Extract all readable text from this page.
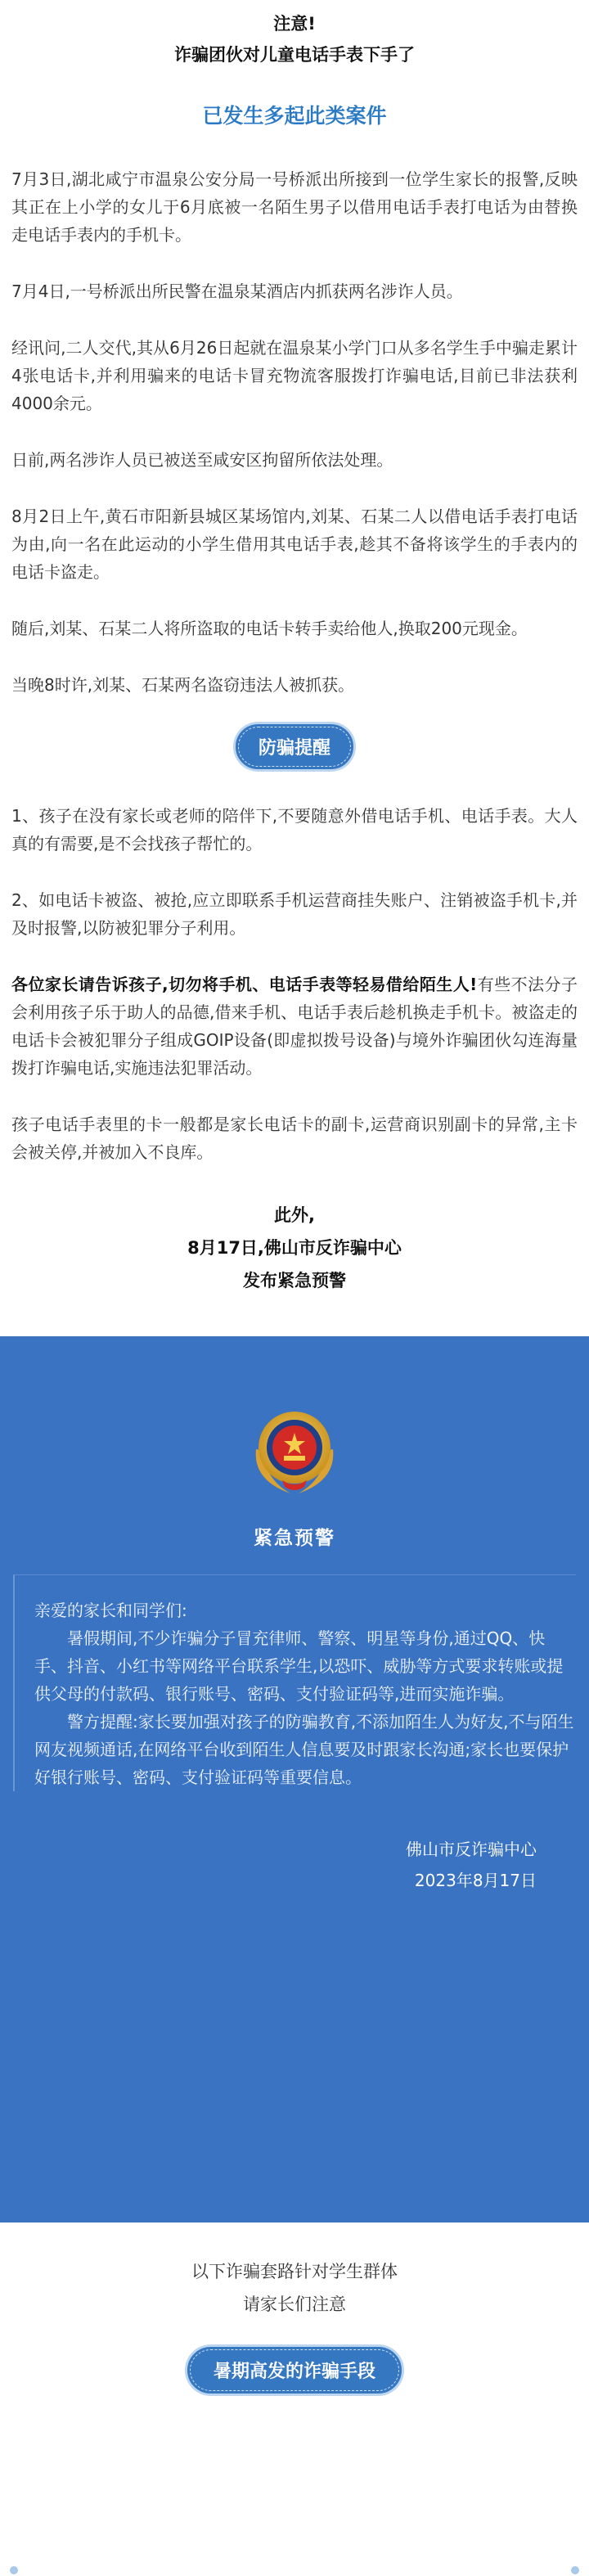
注意!
诈骗团伙对儿童电话手表下手了
已发生多起此类案件
7月3日,湖北咸宁市温泉公安分局一号桥派出所接到一位学生家长的报警,反映其正在上小学的女儿于6月底被一名陌生男子以借用电话手表打电话为由替换走电话手表内的手机卡。
7月4日,一号桥派出所民警在温泉某酒店内抓获两名涉诈人员。
经讯问,二人交代,其从6月26日起就在温泉某小学门口从多名学生手中骗走累计4张电话卡,并利用骗来的电话卡冒充物流客服拨打诈骗电话,目前已非法获利4000余元。
日前,两名涉诈人员已被送至咸安区拘留所依法处理。
8月2日上午,黄石市阳新县城区某场馆内,刘某、石某二人以借电话手表打电话为由,向一名在此运动的小学生借用其电话手表,趁其不备将该学生的手表内的电话卡盗走。
随后,刘某、石某二人将所盗取的电话卡转手卖给他人,换取200元现金。
当晚8时许,刘某、石某两名盗窃违法人被抓获。
防骗提醒
1、孩子在没有家长或老师的陪伴下,不要随意外借电话手机、电话手表。大人真的有需要,是不会找孩子帮忙的。
2、如电话卡被盗、被抢,应立即联系手机运营商挂失账户、注销被盗手机卡,并及时报警,以防被犯罪分子利用。
各位家长请告诉孩子,切勿将手机、电话手表等轻易借给陌生人!有些不法分子会利用孩子乐于助人的品德,借来手机、电话手表后趁机换走手机卡。被盗走的电话卡会被犯罪分子组成GOIP设备(即虚拟拨号设备)与境外诈骗团伙勾连海量拨打诈骗电话,实施违法犯罪活动。
孩子电话手表里的卡一般都是家长电话卡的副卡,运营商识别副卡的异常,主卡会被关停,并被加入不良库。
此外,
8月17日,佛山市反诈骗中心
发布紧急预警
紧急预警
亲爱的家长和同学们:
暑假期间,不少诈骗分子冒充律师、警察、明星等身份,通过QQ、快手、抖音、小红书等网络平台联系学生,以恐吓、威胁等方式要求转账或提供父母的付款码、银行账号、密码、支付验证码等,进而实施诈骗。
警方提醒:家长要加强对孩子的防骗教育,不添加陌生人为好友,不与陌生网友视频通话,在网络平台收到陌生人信息要及时跟家长沟通;家长也要保护好银行账号、密码、支付验证码等重要信息。
佛山市反诈骗中心
2023年8月17日
以下诈骗套路针对学生群体
请家长们注意
暑期高发的诈骗手段
